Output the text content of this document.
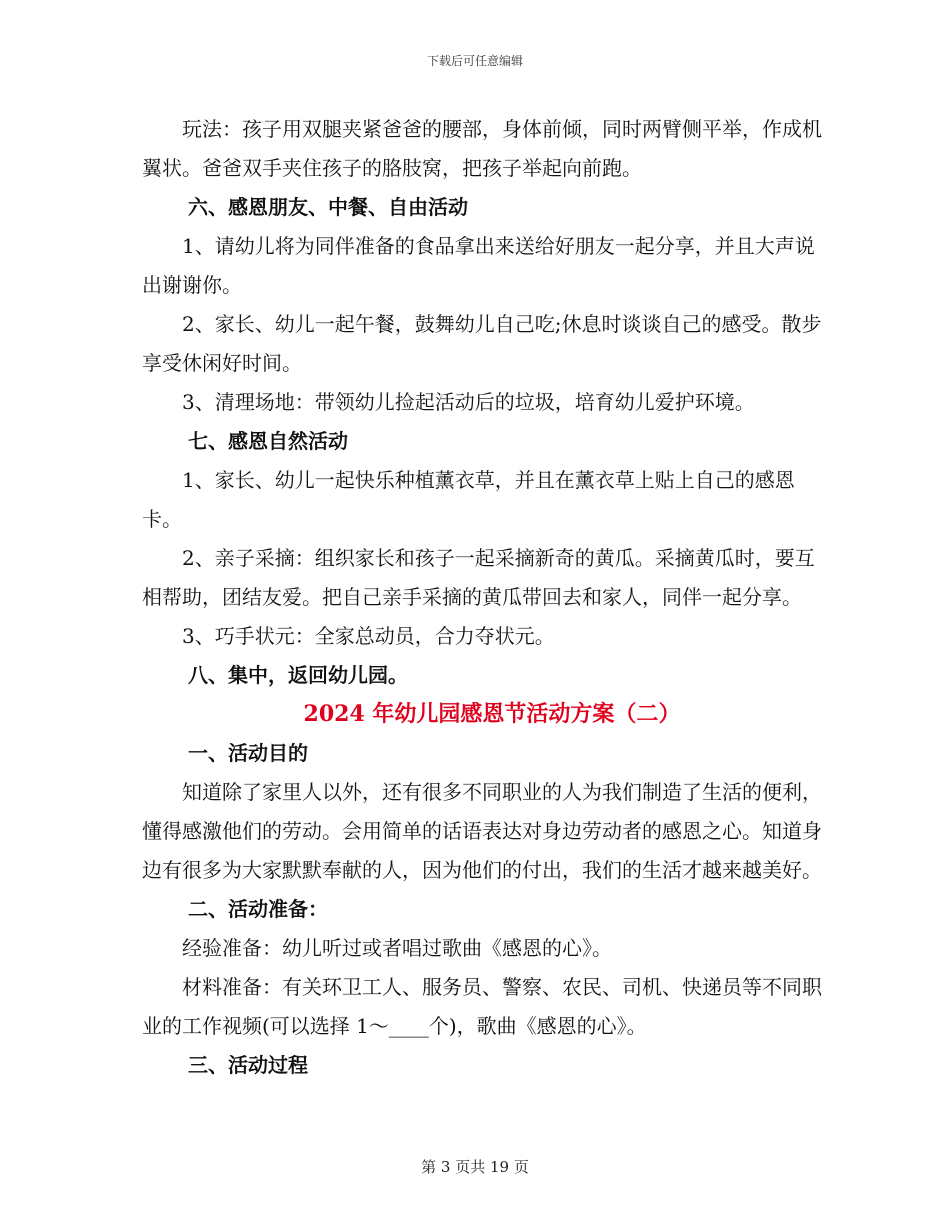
下载后可任意编辑

玩法：孩子用双腿夹紧爸爸的腰部，身体前倾，同时两臂侧平举，作成机翼状。爸爸双手夹住孩子的胳肢窝，把孩子举起向前跑。

六、感恩朋友、中餐、自由活动

1、请幼儿将为同伴准备的食品拿出来送给好朋友一起分享，并且大声说出谢谢你。

2、家长、幼儿一起午餐，鼓舞幼儿自己吃;休息时谈谈自己的感受。散步享受休闲好时间。

3、清理场地：带领幼儿捡起活动后的垃圾，培育幼儿爱护环境。

七、感恩自然活动

1、家长、幼儿一起快乐种植薰衣草，并且在薰衣草上贴上自己的感恩卡。

2、亲子采摘：组织家长和孩子一起采摘新奇的黄瓜。采摘黄瓜时，要互相帮助，团结友爱。把自己亲手采摘的黄瓜带回去和家人，同伴一起分享。

3、巧手状元：全家总动员，合力夺状元。

八、集中，返回幼儿园。

2024 年幼儿园感恩节活动方案（二）

一、活动目的

知道除了家里人以外，还有很多不同职业的人为我们制造了生活的便利，懂得感激他们的劳动。会用简单的话语表达对身边劳动者的感恩之心。知道身边有很多为大家默默奉献的人，因为他们的付出，我们的生活才越来越美好。

二、活动准备：

经验准备：幼儿听过或者唱过歌曲《感恩的心》。

材料准备：有关环卫工人、服务员、警察、农民、司机、快递员等不同职业的工作视频(可以选择 1～____个)，歌曲《感恩的心》。

三、活动过程

第 3 页共 19 页
